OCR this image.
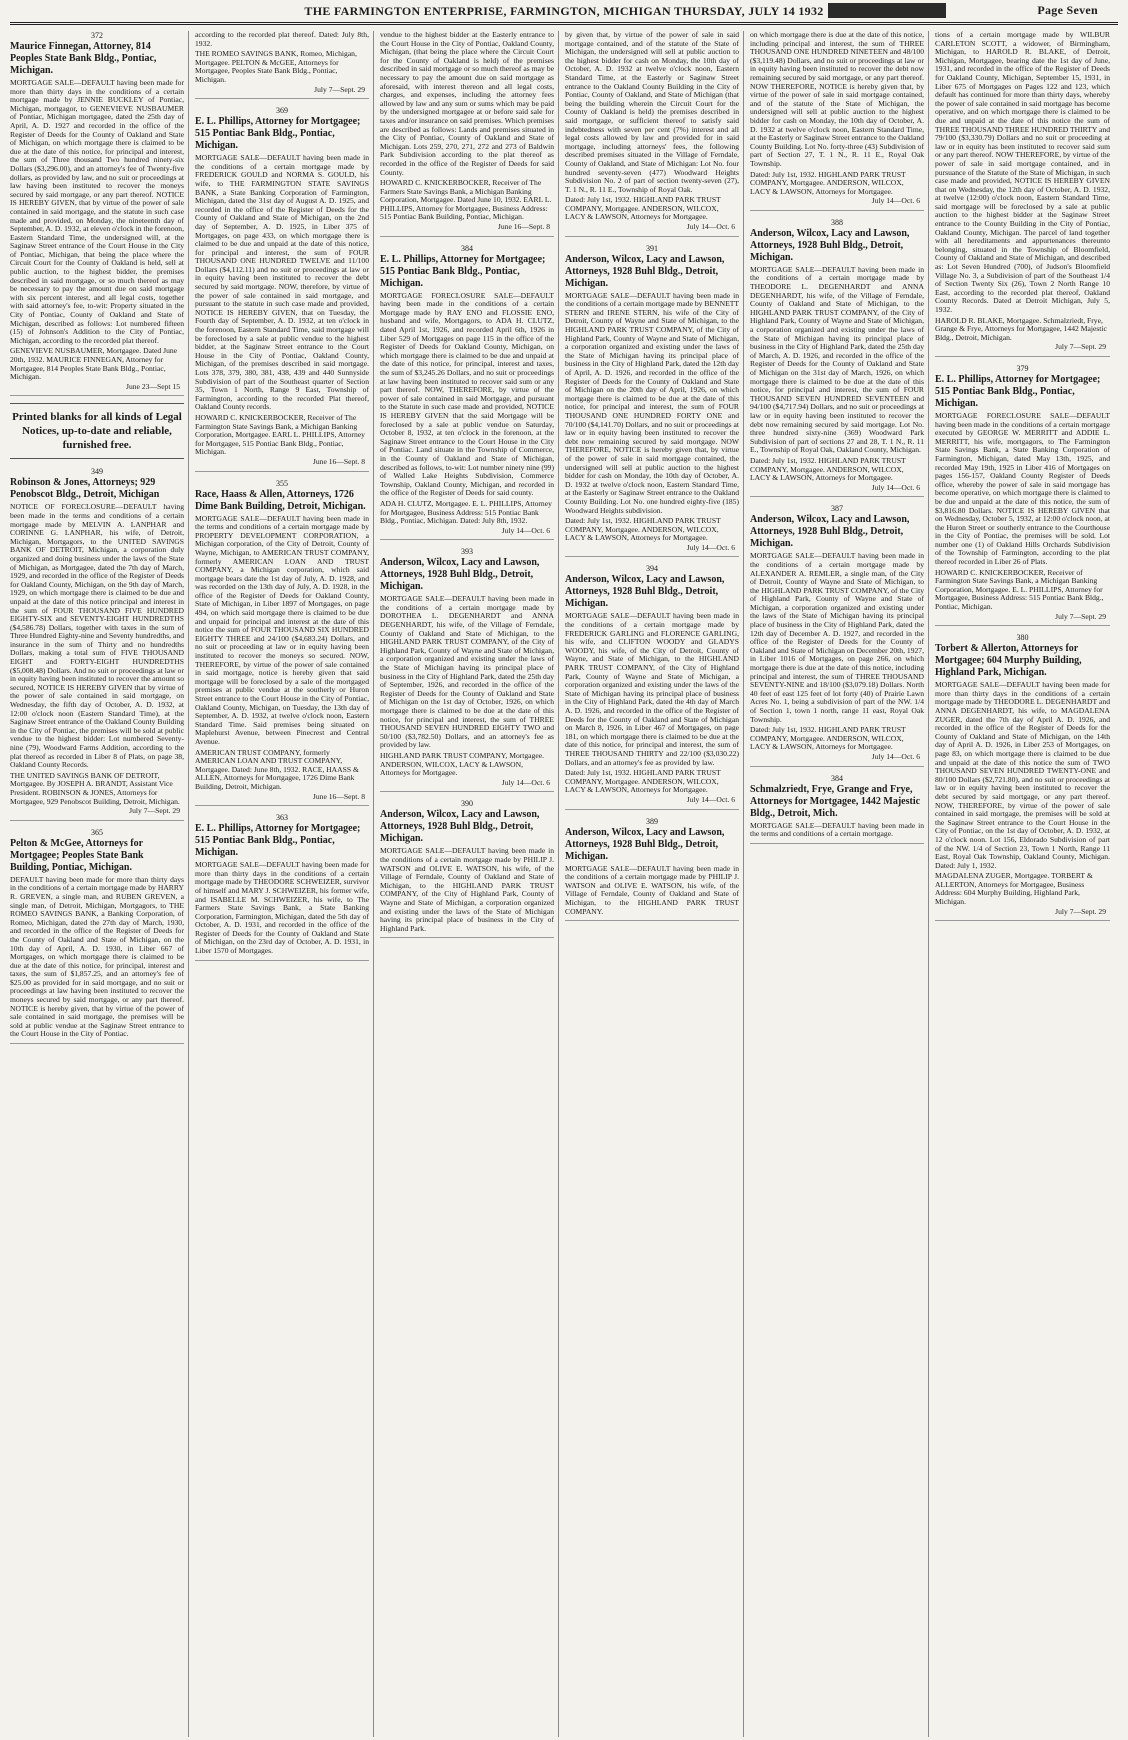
THE FARMINGTON ENTERPRISE, FARMINGTON, MICHIGAN THURSDAY, JULY 14 1932	Page Seven

372

Maurice Finnegan, Attorney, 814 Peoples State Bank Bldg., Pontiac, Michigan.

MORTGAGE SALE—DEFAULT having been made for more than thirty days in the conditions of a certain mortgage made by JENNIE BUCKLEY of Pontiac, Michigan, mortgagor, to GENEVIEVE NUSBAUMER of Pontiac, Michigan mortgagee, dated the 25th day of April, A. D. 1927 and recorded in the office of the Register of Deeds for the County of Oakland and State of Michigan, on which mortgage there is claimed to be due at the date of this notice, for principal and interest, the sum of Three thousand Two hundred ninety-six Dollars ($3,296.00), and an attorney's fee of Twenty-five dollars, as provided by law, and no suit or proceedings at law having been instituted to recover the moneys secured by said mortgage, or any part thereof. NOTICE IS HEREBY GIVEN, that by virtue of the power of sale contained in said mortgage, and the statute in such case made and provided, on Monday, the nineteenth day of September, A. D. 1932, at eleven o'clock in the forenoon, Eastern Standard Time, the undersigned will, at the Saginaw Street entrance of the Court House in the City of Pontiac, Michigan, that being the place where the Circuit Court for the County of Oakland is held, sell at public auction, to the highest bidder, the premises described in said mortgage, or so much thereof as may be necessary to pay the amount due on said mortgage with six percent interest, and all legal costs, together with said attorney's fee, to-wit: Property situated in the City of Pontiac, County of Oakland and State of Michigan, described as follows: Lot numbered fifteen (15) of Johnson's Addition to the City of Pontiac, Michigan, according to the recorded plat thereof.

GENEVIEVE NUSBAUMER, Mortgagee. Dated June 20th, 1932. MAURICE FINNEGAN, Attorney for Mortgagee, 814 Peoples State Bank Bldg., Pontiac, Michigan.

June 23—Sept 15

Printed blanks for all kinds of Legal Notices, up-to-date and reliable, furnished free.

349

Robinson & Jones, Attorneys; 929 Penobscot Bldg., Detroit, Michigan

NOTICE OF FORECLOSURE—DEFAULT having been made in the terms and conditions of a certain mortgage made by MELVIN A. LANPHAR and CORINNE G. LANPHAR, his wife, of Detroit, Michigan, Mortgagors, to the UNITED SAVINGS BANK OF DETROIT, Michigan, a corporation duly organized and doing business under the laws of the State of Michigan, as Mortgagee, dated the 7th day of March, 1929, and recorded in the office of the Register of Deeds for Oakland County, Michigan, on the 9th day of March, 1929, on which mortgage there is claimed to be due and unpaid at the date of this notice principal and interest in the sum of FOUR THOUSAND FIVE HUNDRED EIGHTY-SIX and SEVENTY-EIGHT HUNDREDTHS ($4,586.78) Dollars, together with taxes in the sum of Three Hundred Eighty-nine and Seventy hundredths, and insurance in the sum of Thirty and no hundredths Dollars, making a total sum of FIVE THOUSAND EIGHT and FORTY-EIGHT HUNDREDTHS ($5,008.48) Dollars. And no suit or proceedings at law or in equity having been instituted to recover the amount so secured, NOTICE IS HEREBY GIVEN that by virtue of the power of sale contained in said mortgage, on Wednesday, the fifth day of October, A. D. 1932, at 12:00 o'clock noon (Eastern Standard Time), at the Saginaw Street entrance of the Oakland County Building in the City of Pontiac, the premises will be sold at public vendue to the highest bidder: Lot numbered Seventy-nine (79), Woodward Farms Addition, according to the plat thereof as recorded in Liber 8 of Plats, on page 38, Oakland County Records.

THE UNITED SAVINGS BANK OF DETROIT, Mortgagee. By JOSEPH A. BRANDT, Assistant Vice President. ROBINSON & JONES, Attorneys for Mortgagee, 929 Penobscot Building, Detroit, Michigan.

July 7—Sept. 29

365

Pelton & McGee, Attorneys for Mortgagee; Peoples State Bank Building, Pontiac, Michigan.

DEFAULT having been made for more than thirty days in the conditions of a certain mortgage made by HARRY R. GREVEN, a single man, and RUBEN GREVEN, a single man, of Detroit, Michigan, Mortgagors, to THE ROMEO SAVINGS BANK, a Banking Corporation, of Romeo, Michigan, dated the 27th day of March, 1930, and recorded in the office of the Register of Deeds for the County of Oakland and State of Michigan, on the 10th day of April, A. D. 1930, in Liber 667 of Mortgages, on which mortgage there is claimed to be due at the date of this notice, for principal, interest and taxes, the sum of $1,857.25, and an attorney's fee of $25.00 as provided for in said mortgage, and no suit or proceedings at law having been instituted to recover the moneys secured by said mortgage, or any part thereof. NOTICE is hereby given, that by virtue of the power of sale contained in said mortgage, the premises will be sold at public vendue at the Saginaw Street entrance to the Court House in the City of Pontiac.

according to the recorded plat thereof. Dated: July 8th, 1932.

THE ROMEO SAVINGS BANK, Romeo, Michigan, Mortgagee. PELTON & McGEE, Attorneys for Mortgagee, Peoples State Bank Bldg., Pontiac, Michigan.

July 7—Sept. 29

369

E. L. Phillips, Attorney for Mortgagee; 515 Pontiac Bank Bldg., Pontiac, Michigan.

MORTGAGE SALE—DEFAULT having been made in the conditions of a certain mortgage made by FREDERICK GOULD and NORMA S. GOULD, his wife, to THE FARMINGTON STATE SAVINGS BANK, a State Banking Corporation of Farmington, Michigan, dated the 31st day of August A. D. 1925, and recorded in the office of the Register of Deeds for the County of Oakland and State of Michigan, on the 2nd day of September, A. D. 1925, in Liber 375 of Mortgages, on page 433, on which mortgage there is claimed to be due and unpaid at the date of this notice, for principal and interest, the sum of FOUR THOUSAND ONE HUNDRED TWELVE and 11/100 Dollars ($4,112.11) and no suit or proceedings at law or in equity having been instituted to recover the debt secured by said mortgage. NOW, therefore, by virtue of the power of sale contained in said mortgage, and pursuant to the statute in such case made and provided, NOTICE IS HEREBY GIVEN, that on Tuesday, the Fourth day of September, A. D. 1932, at ten o'clock in the forenoon, Eastern Standard Time, said mortgage will be foreclosed by a sale at public vendue to the highest bidder, at the Saginaw Street entrance to the Court House in the City of Pontiac, Oakland County, Michigan, of the premises described in said mortgage. Lots 378, 379, 380, 381, 438, 439 and 440 Sunnyside Subdivision of part of the Southeast quarter of Section 35, Town 1 North, Range 9 East, Township of Farmington, according to the recorded Plat thereof, Oakland County records.

HOWARD C. KNICKERBOCKER, Receiver of The Farmington State Savings Bank, a Michigan Banking Corporation, Mortgagee. EARL L. PHILLIPS, Attorney for Mortgagee, 515 Pontiac Bank Bldg., Pontiac, Michigan.

June 16—Sept. 8

355

Race, Haass & Allen, Attorneys, 1726 Dime Bank Building, Detroit, Michigan.

MORTGAGE SALE—DEFAULT having been made in the terms and conditions of a certain mortgage made by PROPERTY DEVELOPMENT CORPORATION, a Michigan corporation, of the City of Detroit, County of Wayne, Michigan, to AMERICAN TRUST COMPANY, formerly AMERICAN LOAN AND TRUST COMPANY, a Michigan corporation, which said mortgage bears date the 1st day of July, A. D. 1928, and was recorded on the 13th day of July, A. D. 1928, in the office of the Register of Deeds for Oakland County, State of Michigan, in Liber 1897 of Mortgages, on page 494, on which said mortgage there is claimed to be due and unpaid for principal and interest at the date of this notice the sum of FOUR THOUSAND SIX HUNDRED EIGHTY THREE and 24/100 ($4,683.24) Dollars, and no suit or proceeding at law or in equity having been instituted to recover the moneys so secured. NOW, THEREFORE, by virtue of the power of sale contained in said mortgage, notice is hereby given that said mortgage will be foreclosed by a sale of the mortgaged premises at public vendue at the southerly or Huron Street entrance to the Court House in the City of Pontiac, Oakland County, Michigan, on Tuesday, the 13th day of September, A. D. 1932, at twelve o'clock noon, Eastern Standard Time. Said premises being situated on Maplehurst Avenue, between Pinecrest and Central Avenue.

AMERICAN TRUST COMPANY, formerly AMERICAN LOAN AND TRUST COMPANY, Mortgagee. Dated: June 8th, 1932. RACE, HAASS & ALLEN, Attorneys for Mortgagee, 1726 Dime Bank Building, Detroit, Michigan.

June 16—Sept. 8

363

E. L. Phillips, Attorney for Mortgagee; 515 Pontiac Bank Bldg., Pontiac, Michigan.

MORTGAGE SALE—DEFAULT having been made for more than thirty days in the conditions of a certain mortgage made by THEODORE SCHWEIZER, survivor of himself and MARY J. SCHWEIZER, his former wife, and ISABELLE M. SCHWEIZER, his wife, to The Farmers State Savings Bank, a State Banking Corporation, Farmington, Michigan, dated the 5th day of October, A. D. 1931, and recorded in the office of the Register of Deeds for the County of Oakland and State of Michigan, on the 23rd day of October, A. D. 1931, in Liber 1570 of Mortgages.

vendue to the highest bidder at the Easterly entrance to the Court House in the City of Pontiac, Oakland County, Michigan, (that being the place where the Circuit Court for the County of Oakland is held) of the premises described in said mortgage or so much thereof as may be necessary to pay the amount due on said mortgage as aforesaid, with interest thereon and all legal costs, charges, and expenses, including the attorney fees allowed by law and any sum or sums which may be paid by the undersigned mortgagee at or before said sale for taxes and/or insurance on said premises. Which premises are described as follows: Lands and premises situated in the City of Pontiac, County of Oakland and State of Michigan. Lots 259, 270, 271, 272 and 273 of Baldwin Park Subdivision according to the plat thereof as recorded in the office of the Register of Deeds for said County.

HOWARD C. KNICKERBOCKER, Receiver of The Farmers State Savings Bank, a Michigan Banking Corporation, Mortgagee. Dated June 10, 1932. EARL L. PHILLIPS, Attorney for Mortgagee, Business Address: 515 Pontiac Bank Building, Pontiac, Michigan.

June 16—Sept. 8

384

E. L. Phillips, Attorney for Mortgagee; 515 Pontiac Bank Bldg., Pontiac, Michigan.

MORTGAGE FORECLOSURE SALE—DEFAULT having been made in the conditions of a certain Mortgage made by RAY ENO and FLOSSIE ENO, husband and wife, Mortgagors, to ADA H. CLUTZ, dated April 1st, 1926, and recorded April 6th, 1926 in Liber 529 of Mortgages on page 115 in the office of the Register of Deeds for Oakland County, Michigan, on which mortgage there is claimed to be due and unpaid at the date of this notice, for principal, interest and taxes, the sum of $3,245.26 Dollars, and no suit or proceedings at law having been instituted to recover said sum or any part thereof. NOW, THEREFORE, by virtue of the power of sale contained in said Mortgage, and pursuant to the Statute in such case made and provided, NOTICE IS HEREBY GIVEN that the said Mortgage will be foreclosed by a sale at public vendue on Saturday, October 8, 1932, at ten o'clock in the forenoon, at the Saginaw Street entrance to the Court House in the City of Pontiac. Land situate in the Township of Commerce, in the County of Oakland and State of Michigan, described as follows, to-wit: Lot number ninety nine (99) of Walled Lake Heights Subdivision, Commerce Township, Oakland County, Michigan, and recorded in the office of the Register of Deeds for said county.

ADA H. CLUTZ, Mortgagee. E. L. PHILLIPS, Attorney for Mortgagee, Business Address: 515 Pontiac Bank Bldg., Pontiac, Michigan. Dated: July 8th, 1932.

July 14—Oct. 6

393

Anderson, Wilcox, Lacy and Lawson, Attorneys, 1928 Buhl Bldg., Detroit, Michigan.

MORTGAGE SALE—DEFAULT having been made in the conditions of a certain mortgage made by DOROTHEA L. DEGENHARDT and ANNA DEGENHARDT, his wife, of the Village of Ferndale, County of Oakland and State of Michigan, to the HIGHLAND PARK TRUST COMPANY, of the City of Highland Park, County of Wayne and State of Michigan, a corporation organized and existing under the laws of the State of Michigan having its principal place of business in the City of Highland Park, dated the 25th day of September, 1926, and recorded in the office of the Register of Deeds for the County of Oakland and State of Michigan on the 1st day of October, 1926, on which mortgage there is claimed to be due at the date of this notice, for principal and interest, the sum of THREE THOUSAND SEVEN HUNDRED EIGHTY TWO and 50/100 ($3,782.50) Dollars, and an attorney's fee as provided by law.

HIGHLAND PARK TRUST COMPANY, Mortgagee. ANDERSON, WILCOX, LACY & LAWSON, Attorneys for Mortgagee.

July 14—Oct. 6

390

Anderson, Wilcox, Lacy and Lawson, Attorneys, 1928 Buhl Bldg., Detroit, Michigan.

MORTGAGE SALE—DEFAULT having been made in the conditions of a certain mortgage made by PHILIP J. WATSON and OLIVE E. WATSON, his wife, of the Village of Ferndale, County of Oakland and State of Michigan, to the HIGHLAND PARK TRUST COMPANY, of the City of Highland Park, County of Wayne and State of Michigan, a corporation organized and existing under the laws of the State of Michigan having its principal place of business in the City of Highland Park.

by given that, by virtue of the power of sale in said mortgage contained, and of the statute of the State of Michigan, the undersigned will sell at public auction to the highest bidder for cash on Monday, the 10th day of October, A. D. 1932 at twelve o'clock noon, Eastern Standard Time, at the Easterly or Saginaw Street entrance to the Oakland County Building in the City of Pontiac, County of Oakland, and State of Michigan (that being the building wherein the Circuit Court for the County of Oakland is held) the premises described in said mortgage, or sufficient thereof to satisfy said indebtedness with seven per cent (7%) interest and all legal costs allowed by law and provided for in said mortgage, including attorneys' fees, the following described premises situated in the Village of Ferndale, County of Oakland, and State of Michigan: Lot No. four hundred seventy-seven (477) Woodward Heights Subdivision No. 2 of part of section twenty-seven (27), T. 1 N., R. 11 E., Township of Royal Oak.

Dated: July 1st, 1932. HIGHLAND PARK TRUST COMPANY, Mortgagee. ANDERSON, WILCOX, LACY & LAWSON, Attorneys for Mortgagee.

July 14—Oct. 6

391

Anderson, Wilcox, Lacy and Lawson, Attorneys, 1928 Buhl Bldg., Detroit, Michigan.

MORTGAGE SALE—DEFAULT having been made in the conditions of a certain mortgage made by BENNETT STERN and IRENE STERN, his wife of the City of Detroit, County of Wayne and State of Michigan, to the HIGHLAND PARK TRUST COMPANY, of the City of Highland Park, County of Wayne and State of Michigan, a corporation organized and existing under the laws of the State of Michigan having its principal place of business in the City of Highland Park, dated the 12th day of April, A. D. 1926, and recorded in the office of the Register of Deeds for the County of Oakland and State of Michigan on the 20th day of April, 1926, on which mortgage there is claimed to be due at the date of this notice, for principal and interest, the sum of FOUR THOUSAND ONE HUNDRED FORTY ONE and 70/100 ($4,141.70) Dollars, and no suit or proceedings at law or in equity having been instituted to recover the debt now remaining secured by said mortgage. NOW THEREFORE, NOTICE is hereby given that, by virtue of the power of sale in said mortgage contained, the undersigned will sell at public auction to the highest bidder for cash on Monday, the 10th day of October, A. D. 1932 at twelve o'clock noon, Eastern Standard Time, at the Easterly or Saginaw Street entrance to the Oakland County Building. Lot No. one hundred eighty-five (185) Woodward Heights subdivision.

Dated: July 1st, 1932. HIGHLAND PARK TRUST COMPANY, Mortgagee. ANDERSON, WILCOX, LACY & LAWSON, Attorneys for Mortgagee.

July 14—Oct. 6

394

Anderson, Wilcox, Lacy and Lawson, Attorneys, 1928 Buhl Bldg., Detroit, Michigan.

MORTGAGE SALE—DEFAULT having been made in the conditions of a certain mortgage made by FREDERICK GARLING and FLORENCE GARLING, his wife, and CLIFTON WOODY and GLADYS WOODY, his wife, of the City of Detroit, County of Wayne, and State of Michigan, to the HIGHLAND PARK TRUST COMPANY, of the City of Highland Park, County of Wayne and State of Michigan, a corporation organized and existing under the laws of the State of Michigan having its principal place of business in the City of Highland Park, dated the 4th day of March A. D. 1926, and recorded in the office of the Register of Deeds for the County of Oakland and State of Michigan on March 8, 1926, in Liber 467 of Mortgages, on page 181, on which mortgage there is claimed to be due at the date of this notice, for principal and interest, the sum of THREE THOUSAND THIRTY and 22/100 ($3,030.22) Dollars, and an attorney's fee as provided by law.

Dated: July 1st, 1932. HIGHLAND PARK TRUST COMPANY, Mortgagee. ANDERSON, WILCOX, LACY & LAWSON, Attorneys for Mortgagee.

July 14—Oct. 6

389

Anderson, Wilcox, Lacy and Lawson, Attorneys, 1928 Buhl Bldg., Detroit, Michigan.

MORTGAGE SALE—DEFAULT having been made in the conditions of a certain mortgage made by PHILIP J. WATSON and OLIVE E. WATSON, his wife, of the Village of Ferndale, County of Oakland and State of Michigan, to the HIGHLAND PARK TRUST COMPANY.

on which mortgage there is due at the date of this notice, including principal and interest, the sum of THREE THOUSAND ONE HUNDRED NINETEEN and 48/100 ($3,119.48) Dollars, and no suit or proceedings at law or in equity having been instituted to recover the debt now remaining secured by said mortgage, or any part thereof. NOW THEREFORE, NOTICE is hereby given that, by virtue of the power of sale in said mortgage contained, and of the statute of the State of Michigan, the undersigned will sell at public auction to the highest bidder for cash on Monday, the 10th day of October, A. D. 1932 at twelve o'clock noon, Eastern Standard Time, at the Easterly or Saginaw Street entrance to the Oakland County Building. Lot No. forty-three (43) Subdivision of part of Section 27, T. 1 N., R. 11 E., Royal Oak Township.

Dated: July 1st, 1932. HIGHLAND PARK TRUST COMPANY, Mortgagee. ANDERSON, WILCOX, LACY & LAWSON, Attorneys for Mortgagee.

July 14—Oct. 6

388

Anderson, Wilcox, Lacy and Lawson, Attorneys, 1928 Buhl Bldg., Detroit, Michigan.

MORTGAGE SALE—DEFAULT having been made in the conditions of a certain mortgage made by THEODORE L. DEGENHARDT and ANNA DEGENHARDT, his wife, of the Village of Ferndale, County of Oakland and State of Michigan, to the HIGHLAND PARK TRUST COMPANY, of the City of Highland Park, County of Wayne and State of Michigan, a corporation organized and existing under the laws of the State of Michigan having its principal place of business in the City of Highland Park, dated the 25th day of March, A. D. 1926, and recorded in the office of the Register of Deeds for the County of Oakland and State of Michigan on the 31st day of March, 1926, on which mortgage there is claimed to be due at the date of this notice, for principal and interest, the sum of FOUR THOUSAND SEVEN HUNDRED SEVENTEEN and 94/100 ($4,717.94) Dollars, and no suit or proceedings at law or in equity having been instituted to recover the debt now remaining secured by said mortgage. Lot No. three hundred sixty-nine (369) Woodward Park Subdivision of part of sections 27 and 28, T. 1 N., R. 11 E., Township of Royal Oak, Oakland County, Michigan.

Dated: July 1st, 1932. HIGHLAND PARK TRUST COMPANY, Mortgagee. ANDERSON, WILCOX, LACY & LAWSON, Attorneys for Mortgagee.

July 14—Oct. 6

387

Anderson, Wilcox, Lacy and Lawson, Attorneys, 1928 Buhl Bldg., Detroit, Michigan.

MORTGAGE SALE—DEFAULT having been made in the conditions of a certain mortgage made by ALEXANDER A. REMLER, a single man, of the City of Detroit, County of Wayne and State of Michigan, to the HIGHLAND PARK TRUST COMPANY, of the City of Highland Park, County of Wayne and State of Michigan, a corporation organized and existing under the laws of the State of Michigan having its principal place of business in the City of Highland Park, dated the 12th day of December A. D. 1927, and recorded in the office of the Register of Deeds for the County of Oakland and State of Michigan on December 20th, 1927, in Liber 1016 of Mortgages, on page 266, on which mortgage there is due at the date of this notice, including principal and interest, the sum of THREE THOUSAND SEVENTY-NINE and 18/100 ($3,079.18) Dollars. North 40 feet of east 125 feet of lot forty (40) of Prairie Lawn Acres No. 1, being a subdivision of part of the NW. 1/4 of Section 1, town 1 north, range 11 east, Royal Oak Township.

Dated: July 1st, 1932. HIGHLAND PARK TRUST COMPANY, Mortgagee. ANDERSON, WILCOX, LACY & LAWSON, Attorneys for Mortgagee.

July 14—Oct. 6

384

Schmalzriedt, Frye, Grange and Frye, Attorneys for Mortgagee, 1442 Majestic Bldg., Detroit, Mich.

MORTGAGE SALE—DEFAULT having been made in the terms and conditions of a certain mortgage.

tions of a certain mortgage made by WILBUR CARLETON SCOTT, a widower, of Birmingham, Michigan, to HAROLD R. BLAKE, of Detroit, Michigan, Mortgagee, bearing date the 1st day of June, 1931, and recorded in the office of the Register of Deeds for Oakland County, Michigan, September 15, 1931, in Liber 675 of Mortgages on Pages 122 and 123, which default has continued for more than thirty days, whereby the power of sale contained in said mortgage has become operative, and on which mortgage there is claimed to be due and unpaid at the date of this notice the sum of THREE THOUSAND THREE HUNDRED THIRTY and 79/100 ($3,330.79) Dollars and no suit or proceeding at law or in equity has been instituted to recover said sum or any part thereof. NOW THEREFORE, by virtue of the power of sale in said mortgage contained, and in pursuance of the Statute of the State of Michigan, in such case made and provided, NOTICE IS HEREBY GIVEN that on Wednesday, the 12th day of October, A. D. 1932, at twelve (12:00) o'clock noon, Eastern Standard Time, said mortgage will be foreclosed by a sale at public auction to the highest bidder at the Saginaw Street entrance to the County Building in the City of Pontiac, Oakland County, Michigan. The parcel of land together with all hereditaments and appurtenances thereunto belonging, situated in the Township of Bloomfield, County of Oakland and State of Michigan, and described as: Lot Seven Hundred (700), of Judson's Bloomfield Village No. 3, a Subdivision of part of the Southeast 1/4 of Section Twenty Six (26), Town 2 North Range 10 East, according to the recorded plat thereof, Oakland County Records. Dated at Detroit Michigan, July 5, 1932.

HAROLD R. BLAKE, Mortgagee. Schmalzriedt, Frye, Grange & Frye, Attorneys for Mortgagee, 1442 Majestic Bldg., Detroit, Michigan.

July 7—Sept. 29

379

E. L. Phillips, Attorney for Mortgagee; 515 Pontiac Bank Bldg., Pontiac, Michigan.

MORTGAGE FORECLOSURE SALE—DEFAULT having been made in the conditions of a certain mortgage executed by GEORGE W. MERRITT and ADDIE L. MERRITT, his wife, mortgagors, to The Farmington State Savings Bank, a State Banking Corporation of Farmington, Michigan, dated May 13th, 1925, and recorded May 19th, 1925 in Liber 416 of Mortgages on pages 156-157, Oakland County Register of Deeds office, whereby the power of sale in said mortgage has become operative, on which mortgage there is claimed to be due and unpaid at the date of this notice, the sum of $3,816.80 Dollars. NOTICE IS HEREBY GIVEN that on Wednesday, October 5, 1932, at 12:00 o'clock noon, at the Huron Street or southerly entrance to the Courthouse in the City of Pontiac, the premises will be sold. Lot number one (1) of Oakland Hills Orchards Subdivision of the Township of Farmington, according to the plat thereof recorded in Liber 26 of Plats.

HOWARD C. KNICKERBOCKER, Receiver of Farmington State Savings Bank, a Michigan Banking Corporation, Mortgagee. E. L. PHILLIPS, Attorney for Mortgagee, Business Address: 515 Pontiac Bank Bldg., Pontiac, Michigan.

July 7—Sept. 29

380

Torbert & Allerton, Attorneys for Mortgagee; 604 Murphy Building, Highland Park, Michigan.

MORTGAGE SALE—DEFAULT having been made for more than thirty days in the conditions of a certain mortgage made by THEODORE L. DEGENHARDT and ANNA DEGENHARDT, his wife, to MAGDALENA ZUGER, dated the 7th day of April A. D. 1926, and recorded in the office of the Register of Deeds for the County of Oakland and State of Michigan, on the 14th day of April A. D. 1926, in Liber 253 of Mortgages, on page 83, on which mortgage there is claimed to be due and unpaid at the date of this notice the sum of TWO THOUSAND SEVEN HUNDRED TWENTY-ONE and 80/100 Dollars ($2,721.80), and no suit or proceedings at law or in equity having been instituted to recover the debt secured by said mortgage, or any part thereof. NOW, THEREFORE, by virtue of the power of sale contained in said mortgage, the premises will be sold at the Saginaw Street entrance to the Court House in the City of Pontiac, on the 1st day of October, A. D. 1932, at 12 o'clock noon. Lot 156, Eldorado Subdivision of part of the NW. 1/4 of Section 23, Town 1 North, Range 11 East, Royal Oak Township, Oakland County, Michigan. Dated: July 1, 1932.

MAGDALENA ZUGER, Mortgagee. TORBERT & ALLERTON, Attorneys for Mortgagee, Business Address: 604 Murphy Building, Highland Park, Michigan.

July 7—Sept. 29
